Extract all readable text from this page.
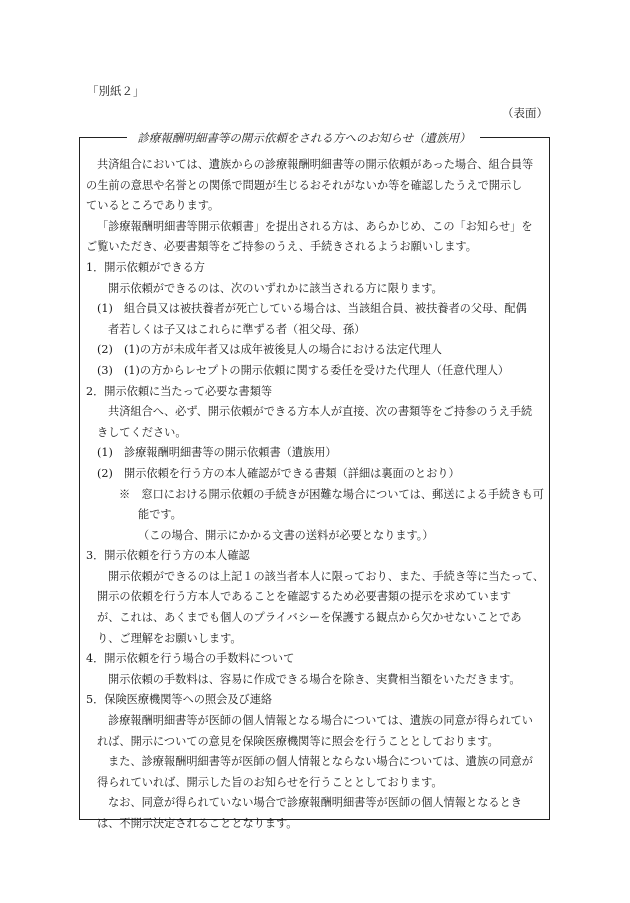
「別紙２」
（表面）
診療報酬明細書等の開示依頼をされる方へのお知らせ（遺族用）
共済組合においては、遺族からの診療報酬明細書等の開示依頼があった場合、組合員等
の生前の意思や名誉との関係で問題が生じるおそれがないか等を確認したうえで開示し
ているところであります。
「診療報酬明細書等開示依頼書」を提出される方は、あらかじめ、この「お知らせ」を
ご覧いただき、必要書類等をご持参のうえ、手続きされるようお願いします。
1．開示依頼ができる方
開示依頼ができるのは、次のいずれかに該当される方に限ります。
(1)　組合員又は被扶養者が死亡している場合は、当該組合員、被扶養者の父母、配偶
者若しくは子又はこれらに準ずる者（祖父母、孫）
(2)　(1)の方が未成年者又は成年被後見人の場合における法定代理人
(3)　(1)の方からレセプトの開示依頼に関する委任を受けた代理人（任意代理人）
2．開示依頼に当たって必要な書類等
共済組合へ、必ず、開示依頼ができる方本人が直接、次の書類等をご持参のうえ手続
きしてください。
(1)　診療報酬明細書等の開示依頼書（遺族用）
(2)　開示依頼を行う方の本人確認ができる書類（詳細は裏面のとおり）
※　窓口における開示依頼の手続きが困難な場合については、郵送による手続きも可
能です。
（この場合、開示にかかる文書の送料が必要となります。）
3．開示依頼を行う方の本人確認
開示依頼ができるのは上記１の該当者本人に限っており、また、手続き等に当たって、
開示の依頼を行う方本人であることを確認するため必要書類の提示を求めています
が、これは、あくまでも個人のプライバシーを保護する観点から欠かせないことであ
り、ご理解をお願いします。
4．開示依頼を行う場合の手数料について
開示依頼の手数料は、容易に作成できる場合を除き、実費相当額をいただきます。
5．保険医療機関等への照会及び連絡
診療報酬明細書等が医師の個人情報となる場合については、遺族の同意が得られてい
れば、開示についての意見を保険医療機関等に照会を行うこととしております。
また、診療報酬明細書等が医師の個人情報とならない場合については、遺族の同意が
得られていれば、開示した旨のお知らせを行うこととしております。
なお、同意が得られていない場合で診療報酬明細書等が医師の個人情報となるとき
は、不開示決定されることとなります。
